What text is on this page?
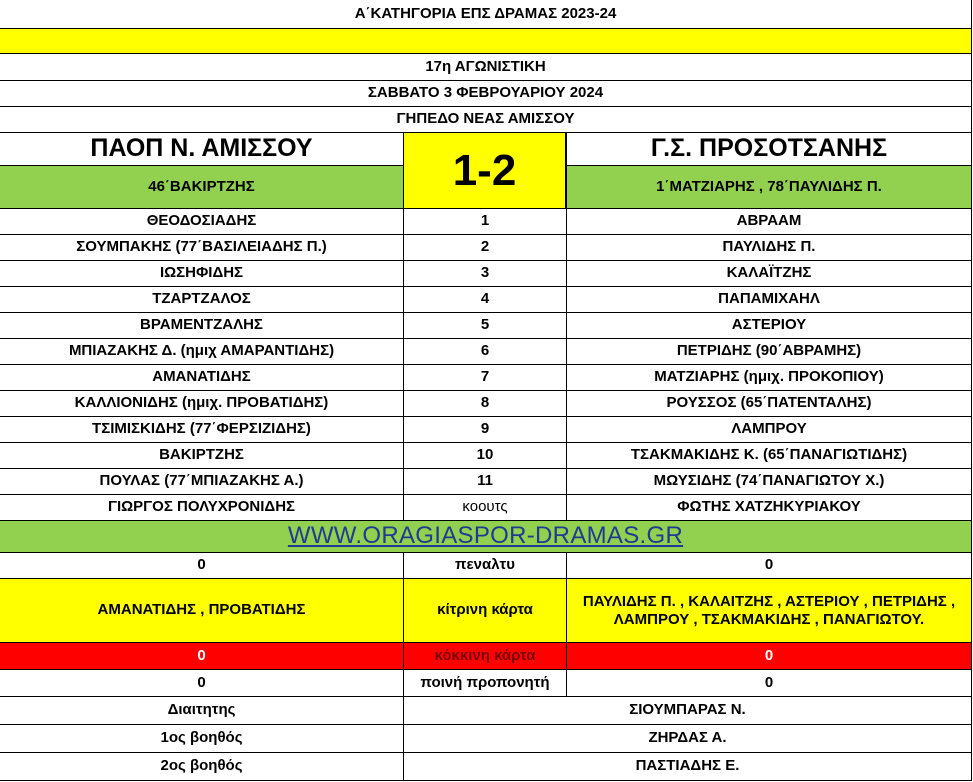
Α΄ΚΑΤΗΓΟΡΙΑ ΕΠΣ ΔΡΑΜΑΣ 2023-24
17η ΑΓΩΝΙΣΤΙΚΗ
ΣΑΒΒΑΤΟ 3 ΦΕΒΡΟΥΑΡΙΟΥ 2024
ΓΗΠΕΔΟ ΝΕΑΣ ΑΜΙΣΣΟΥ
ΠΑΟΠ Ν. ΑΜΙΣΣΟΥ	Γ.Σ. ΠΡΟΣΟΤΣΑΝΗΣ
46΄ΒΑΚΙΡΤΖΗΣ	1΄ΜΑΤΖΙΑΡΗΣ , 78΄ΠΑΥΛΙΔΗΣ Π.
1-2
ΘΕΟΔΟΣΙΑΔΗΣ	1	ΑΒΡΑΑΜ
ΣΟΥΜΠΑΚΗΣ (77΄ΒΑΣΙΛΕΙΑΔΗΣ Π.)	2	ΠΑΥΛΙΔΗΣ Π.
ΙΩΣΗΦΙΔΗΣ	3	ΚΑΛΑΪΤΖΗΣ
ΤΖΑΡΤΖΑΛΟΣ	4	ΠΑΠΑΜΙΧΑΗΛ
ΒΡΑΜΕΝΤΖΑΛΗΣ	5	ΑΣΤΕΡΙΟΥ
ΜΠΙΑΖΑΚΗΣ Δ. (ημιχ ΑΜΑΡΑΝΤΙΔΗΣ)	6	ΠΕΤΡΙΔΗΣ (90΄ΑΒΡΑΜΗΣ)
ΑΜΑΝΑΤΙΔΗΣ	7	ΜΑΤΖΙΑΡΗΣ (ημιχ. ΠΡΟΚΟΠΙΟΥ)
ΚΑΛΛΙΟΝΙΔΗΣ (ημιχ. ΠΡΟΒΑΤΙΔΗΣ)	8	ΡΟΥΣΣΟΣ (65΄ΠΑΤΕΝΤΑΛΗΣ)
ΤΣΙΜΙΣΚΙΔΗΣ (77΄ΦΕΡΣΙΖΙΔΗΣ)	9	ΛΑΜΠΡΟΥ
ΒΑΚΙΡΤΖΗΣ	10	ΤΣΑΚΜΑΚΙΔΗΣ Κ. (65΄ΠΑΝΑΓΙΩΤΙΔΗΣ)
ΠΟΥΛΑΣ (77΄ΜΠΙΑΖΑΚΗΣ Α.)	11	ΜΩΥΣΙΔΗΣ (74΄ΠΑΝΑΓΙΩΤΟΥ Χ.)
ΓΙΩΡΓΟΣ ΠΟΛΥΧΡΟΝΙΔΗΣ	κοουτς	ΦΩΤΗΣ ΧΑΤΖΗΚΥΡΙΑΚΟΥ
WWW.ORAGIASPOR-DRAMAS.GR
0	πεναλτυ	0
ΑΜΑΝΑΤΙΔΗΣ , ΠΡΟΒΑΤΙΔΗΣ	κίτρινη κάρτα	ΠΑΥΛΙΔΗΣ Π. , ΚΑΛΑΙΤΖΗΣ , ΑΣΤΕΡΙΟΥ , ΠΕΤΡΙΔΗΣ , ΛΑΜΠΡΟΥ , ΤΣΑΚΜΑΚΙΔΗΣ , ΠΑΝΑΓΙΩΤΟΥ.
0	κόκκινη κάρτα	0
0	ποινή προπονητή	0
Διαιτητης	ΣΙΟΥΜΠΑΡΑΣ Ν.
1ος βοηθός	ΖΗΡΔΑΣ Α.
2ος βοηθός	ΠΑΣΤΙΑΔΗΣ Ε.
